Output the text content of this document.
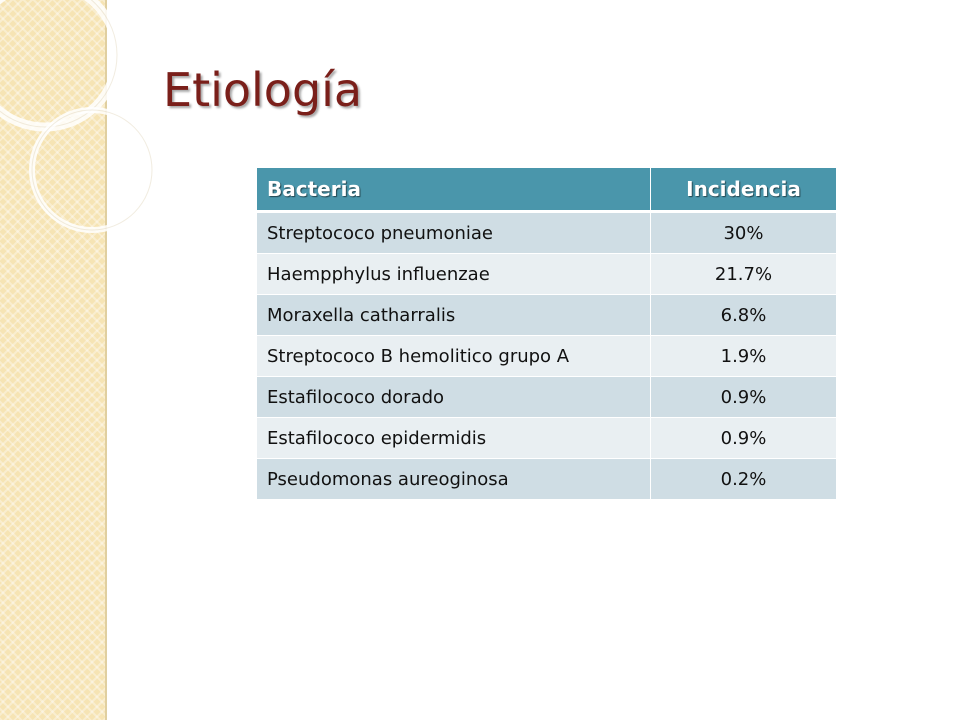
Etiología
Bacteria	Incidencia
Streptococo pneumoniae	30%
Haempphylus influenzae	21.7%
Moraxella catharralis	6.8%
Streptococo B hemolitico grupo A	1.9%
Estafilococo dorado	0.9%
Estafilococo epidermidis	0.9%
Pseudomonas aureoginosa	0.2%
